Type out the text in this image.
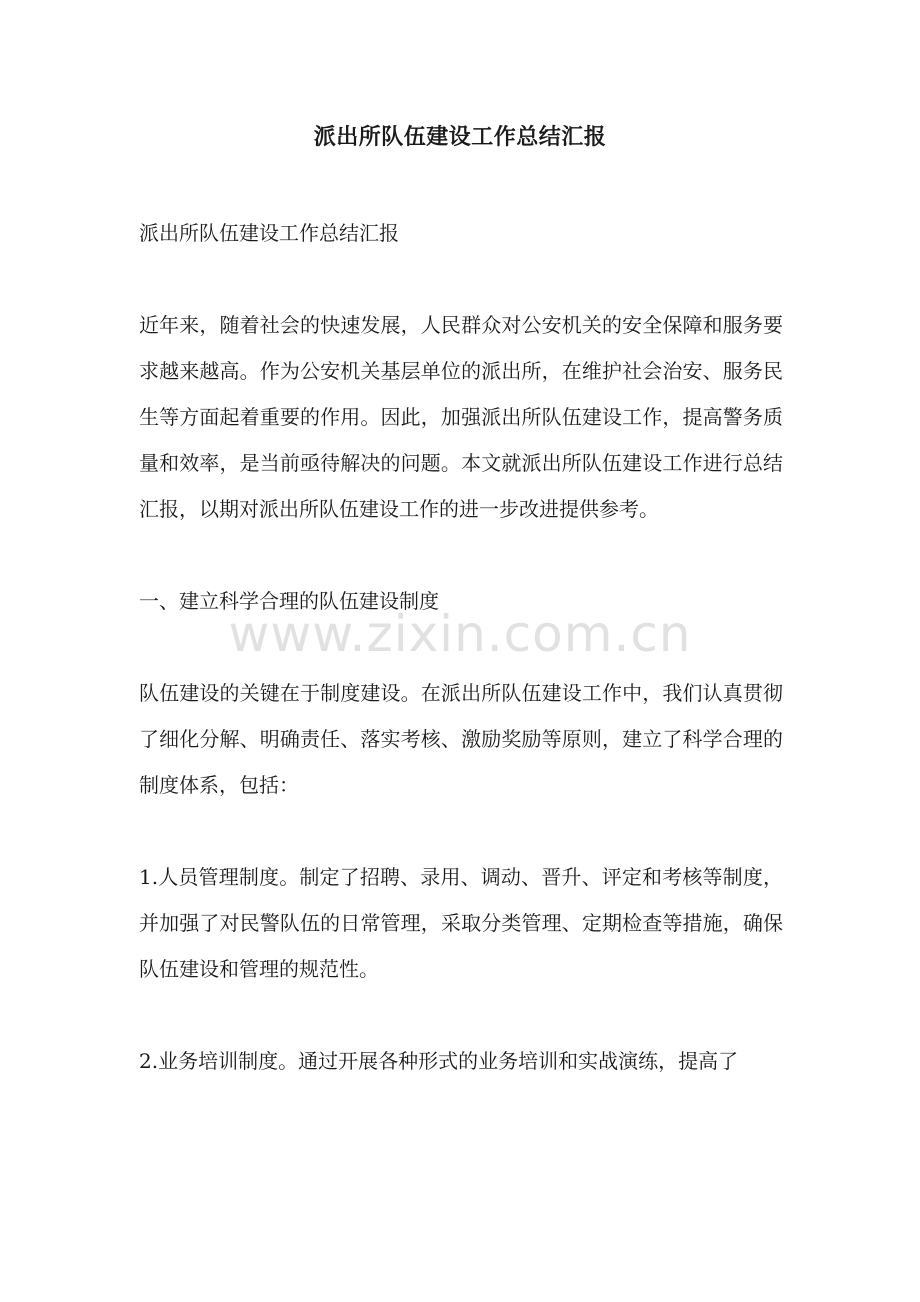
派出所队伍建设工作总结汇报

派出所队伍建设工作总结汇报

近年来，随着社会的快速发展，人民群众对公安机关的安全保障和服务要求越来越高。作为公安机关基层单位的派出所，在维护社会治安、服务民生等方面起着重要的作用。因此，加强派出所队伍建设工作，提高警务质量和效率，是当前亟待解决的问题。本文就派出所队伍建设工作进行总结汇报，以期对派出所队伍建设工作的进一步改进提供参考。

一、建立科学合理的队伍建设制度

队伍建设的关键在于制度建设。在派出所队伍建设工作中，我们认真贯彻了细化分解、明确责任、落实考核、激励奖励等原则，建立了科学合理的制度体系，包括：

1.人员管理制度。制定了招聘、录用、调动、晋升、评定和考核等制度，并加强了对民警队伍的日常管理，采取分类管理、定期检查等措施，确保队伍建设和管理的规范性。

2.业务培训制度。通过开展各种形式的业务培训和实战演练，提高了

www.zixin.com.cn
